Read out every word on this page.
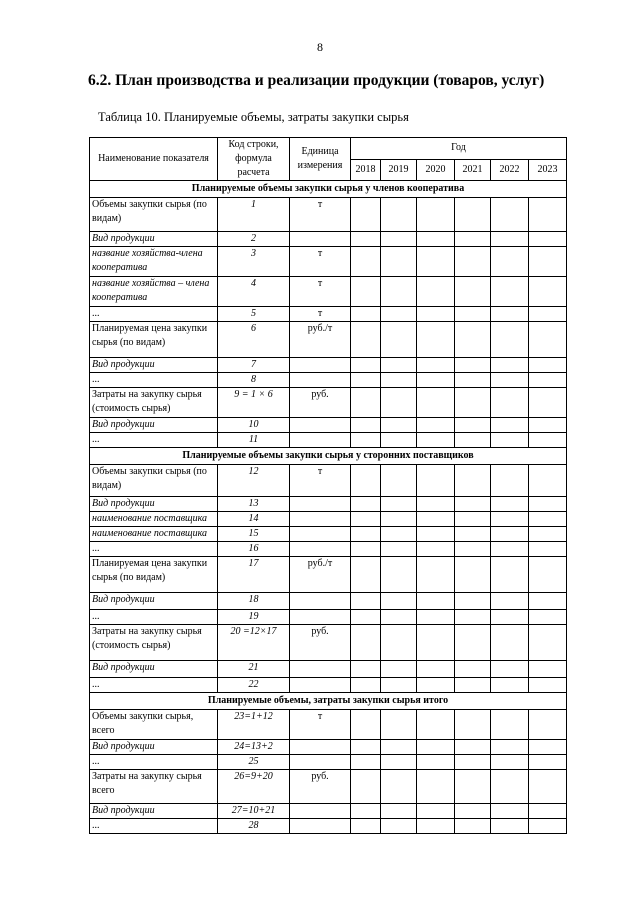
8
6.2. План производства и реализации продукции (товаров, услуг)
Таблица 10. Планируемые объемы, затраты закупки сырья
Наименование показателя	Код строки, формула расчета	Единица измерения	Год					
			2018	2019	2020	2021	2022	2023
Планируемые объемы закупки сырья у членов кооператива								
Объемы закупки сырья (по видам)	1	т						
Вид продукции	2							
название хозяйства-члена кооператива	3	т						
название хозяйства – члена кооператива	4	т						
...	5	т						
Планируемая цена закупки сырья (по видам)	6	руб./т						
Вид продукции	7							
...	8							
Затраты на закупку сырья (стоимость сырья)	9 = 1 × 6	руб.						
Вид продукции	10							
...	11							
Планируемые объемы закупки сырья у сторонних поставщиков								
Объемы закупки сырья (по видам)	12	т						
Вид продукции	13							
наименование поставщика	14							
наименование поставщика	15							
...	16							
Планируемая цена закупки сырья (по видам)	17	руб./т						
Вид продукции	18							
...	19							
Затраты на закупку сырья (стоимость сырья)	20 =12×17	руб.						
Вид продукции	21							
...	22							
Планируемые объемы, затраты закупки сырья итого								
Объемы закупки сырья, всего	23=1+12	т						
Вид продукции	24=13+2							
...	25							
Затраты на закупку сырья всего	26=9+20	руб.						
Вид продукции	27=10+21							
...	28							
